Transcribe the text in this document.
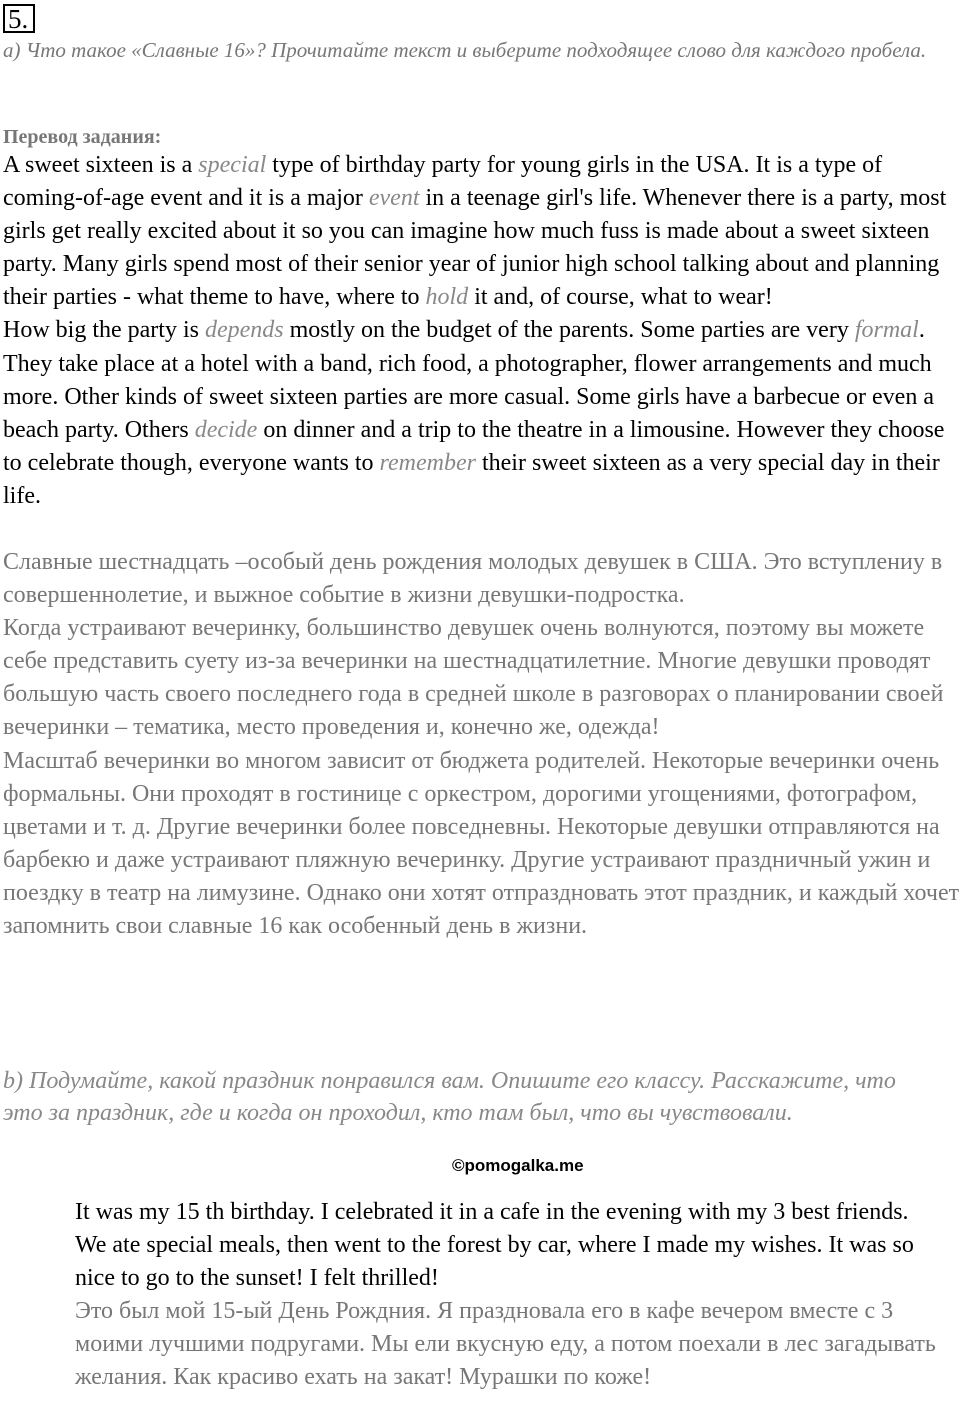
5.
а) Что такое «Славные 16»? Прочитайте текст и выберите подходящее слово для каждого пробела.
Перевод задания:

A sweet sixteen is a special type of birthday party for young girls in the USA. It is a type of coming-of-age event and it is a major event in a teenage girl's life. Whenever there is a party, most girls get really excited about it so you can imagine how much fuss is made about a sweet sixteen party. Many girls spend most of their senior year of junior high school talking about and planning their parties - what theme to have, where to hold it and, of course, what to wear!

How big the party is depends mostly on the budget of the parents. Some parties are very formal. They take place at a hotel with a band, rich food, a photographer, flower arrangements and much more. Other kinds of sweet sixteen parties are more casual. Some girls have a barbecue or even a beach party. Others decide on dinner and a trip to the theatre in a limousine. However they choose to celebrate though, everyone wants to remember their sweet sixteen as a very special day in their life.

Славные шестнадцать –особый день рождения молодых девушек в США. Это вступлениу в совершеннолетие, и выжное событие в жизни девушки-подростка.

Когда устраивают вечеринку, большинство девушек очень волнуются, поэтому вы можете себе представить суету из-за вечеринки на шестнадцатилетние. Многие девушки проводят большую часть своего последнего года в средней школе в разговорах о планировании своей вечеринки – тематика, место проведения и, конечно же, одежда!

Масштаб вечеринки во многом зависит от бюджета родителей. Некоторые вечеринки очень формальны. Они проходят в гостинице с оркестром, дорогими угощениями, фотографом, цветами и т. д. Другие вечеринки более повседневны. Некоторые девушки отправляются на барбекю и даже устраивают пляжную вечеринку. Другие устраивают праздничный ужин и поездку в театр на лимузине. Однако они хотят отпраздновать этот праздник, и каждый хочет запомнить свои славные 16 как особенный день в жизни.

b) Подумайте, какой праздник понравился вам. Опишите его классу. Расскажите, что это за праздник, где и когда он проходил, кто там был, что вы чувствовали.
©pomogalka.me
It was my 15 th birthday. I celebrated it in a cafe in the evening with my 3 best friends. We ate special meals, then went to the forest by car, where I made my wishes. It was so nice to go to the sunset! I felt thrilled!
Это был мой 15-ый День Рождния. Я праздновала его в кафе вечером вместе с 3 моими лучшими подругами. Мы ели вкусную еду, а потом поехали в лес загадывать желания. Как красиво ехать на закат! Мурашки по коже!
